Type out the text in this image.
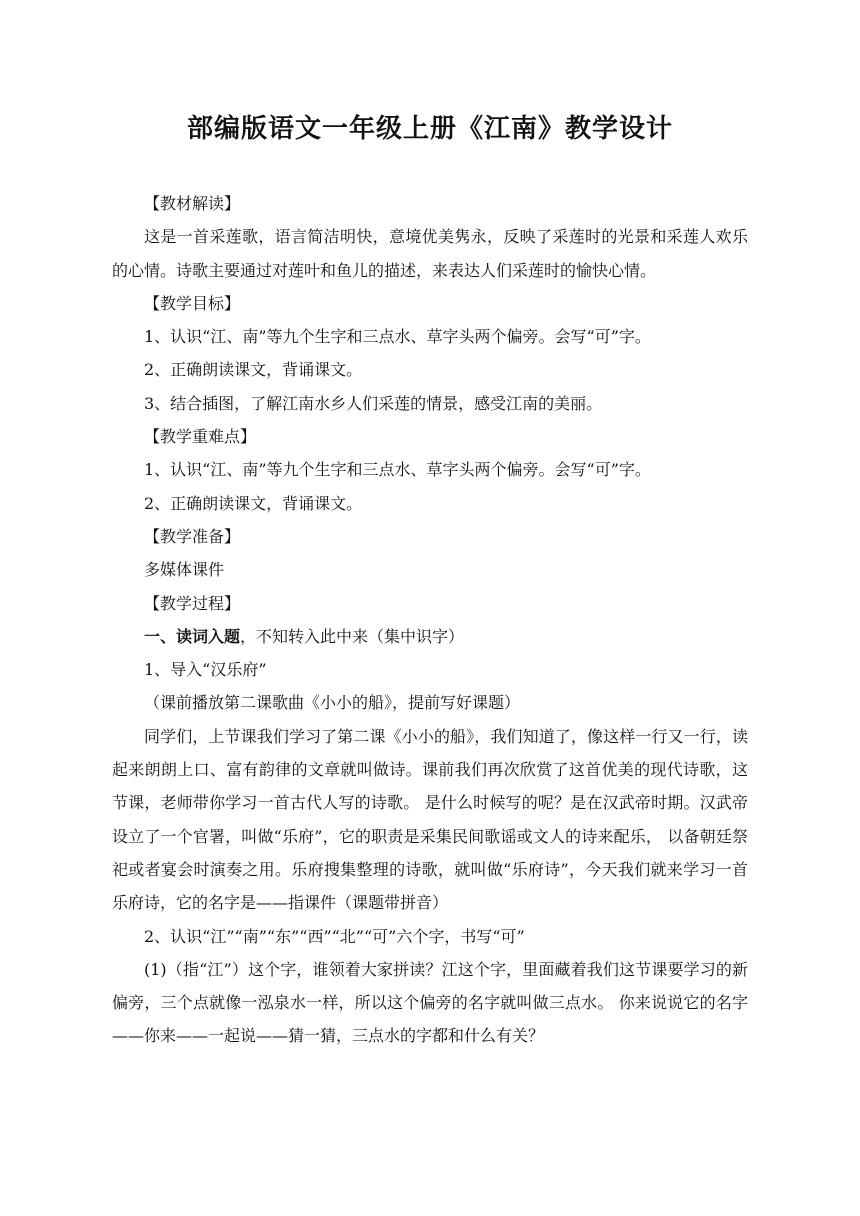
部编版语文一年级上册《江南》教学设计

【教材解读】

这是一首采莲歌，语言简洁明快，意境优美隽永，反映了采莲时的光景和采莲人欢乐的心情。诗歌主要通过对莲叶和鱼儿的描述，来表达人们采莲时的愉快心情。

【教学目标】

1、认识“江、南”等九个生字和三点水、草字头两个偏旁。会写“可”字。

2、正确朗读课文，背诵课文。

3、结合插图，了解江南水乡人们采莲的情景，感受江南的美丽。

【教学重难点】

1、认识“江、南”等九个生字和三点水、草字头两个偏旁。会写“可”字。

2、正确朗读课文，背诵课文。

【教学准备】

多媒体课件

【教学过程】

一、读词入题，不知转入此中来（集中识字）

1、导入“汉乐府”

（课前播放第二课歌曲《小小的船》，提前写好课题）

同学们，上节课我们学习了第二课《小小的船》，我们知道了，像这样一行又一行，读起来朗朗上口、富有韵律的文章就叫做诗。课前我们再次欣赏了这首优美的现代诗歌，这节课，老师带你学习一首古代人写的诗歌。 是什么时候写的呢？是在汉武帝时期。汉武帝设立了一个官署，叫做“乐府”，它的职责是采集民间歌谣或文人的诗来配乐， 以备朝廷祭祀或者宴会时演奏之用。乐府搜集整理的诗歌，就叫做“乐府诗”，今天我们就来学习一首乐府诗，它的名字是——指课件（课题带拼音）

2、认识“江”“南”“东”“西”“北”“可”六个字，书写“可”

(1)（指“江”）这个字，谁领着大家拼读？江这个字，里面藏着我们这节课要学习的新偏旁，三个点就像一泓泉水一样，所以这个偏旁的名字就叫做三点水。 你来说说它的名字——你来——一起说——猜一猜，三点水的字都和什么有关？
